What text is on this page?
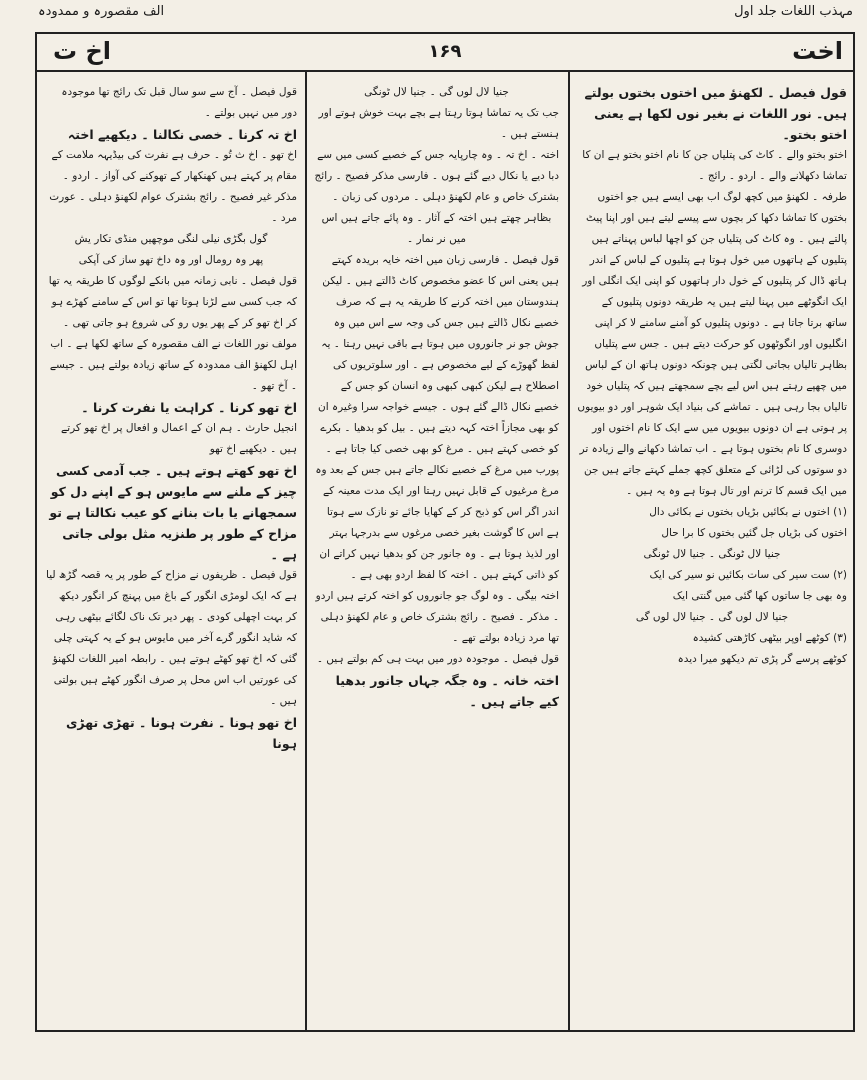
مہذب اللغات جلد اول
الف مقصورہ و ممدودہ
اخت
۱۶۹
اخ ت

قول فیصل ۔ لکھنؤ میں اختوں بختوں بولتے ہیں۔ نور اللغات نے بغیر نوں لکھا ہے یعنی اختو بختو۔

اختو بختو والے ۔ کاٹ کی پتلیاں جن کا نام اختو بختو ہے ان کا تماشا دکھلانے والے ۔ اردو ۔ رائج ۔

طرفہ ۔ لکھنؤ میں کچھ لوگ اب بھی ایسے ہیں جو اختوں بختوں کا تماشا دکھا کر بچوں سے پیسے لیتے ہیں اور اپنا پیٹ پالتے ہیں ۔ وہ کاٹ کی پتلیاں جن کو اچھا لباس پہناتے ہیں پتلیوں کے ہاتھوں میں خول ہوتا ہے پتلیوں کے لباس کے اندر ہاتھ ڈال کر پتلیوں کے خول دار ہاتھوں کو اپنی ایک انگلی اور ایک انگوٹھے میں پہنا لیتے ہیں یہ طریقہ دونوں پتلیوں کے ساتھ برتا جاتا ہے ۔ دونوں پتلیوں کو آمنے سامنے لا کر اپنی انگلیوں اور انگوٹھوں کو حرکت دیتے ہیں ۔ جس سے پتلیاں بظاہر تالیاں بجاتی لگتی ہیں چونکہ دونوں ہاتھ ان کے لباس میں چھپے رہتے ہیں اس لیے بچے سمجھتے ہیں کہ پتلیاں خود تالیاں بجا رہی ہیں ۔ تماشے کی بنیاد ایک شوہر اور دو بیویوں پر ہوتی ہے ان دونوں بیویوں میں سے ایک کا نام اختوں اور دوسری کا نام بختوں ہوتا ہے ۔ اب تماشا دکھانے والے زیادہ تر دو سوتوں کی لڑائی کے متعلق کچھ جملے کہتے جاتے ہیں جن میں ایک قسم کا ترنم اور تال ہوتا ہے وہ یہ ہیں ۔

(۱) اختوں نے بکائیں بڑیاں بختوں نے بکائی دال

اختوں کی بڑیاں جل گئیں بختوں کا برا حال

جنیا لال ٹونگی ۔ جنیا لال ٹونگی

(۲) ست سیر کی سات بکائیں نو سیر کی ایک

وہ بھی جا ساتوں کھا گئی میں گنتی ایک

جنیا لال لوں گی ۔ جنیا لال لوں گی

(۳) کوٹھے اوپر بیٹھی کاڑھتی کشیدہ

کوٹھے پرسے گر پڑی تم دیکھو میرا دیدہ

جنیا لال لوں گی ۔ جنیا لال ٹونگی

جب تک یہ تماشا ہوتا رہتا ہے بچے بہت خوش ہوتے اور ہنستے ہیں ۔

اختہ ۔ اخ تہ ۔ وہ چارپایہ جس کے خصیے کسی میں سے دبا دیے یا نکال دیے گئے ہوں ۔ فارسی مذکر فصیح ۔ رائج بشترک خاص و عام لکھنؤ دہلی ۔ مردوں کی زبان ۔

بظاہر چھتے ہیں اختہ کے آثار ۔ وہ پائے جاتے ہیں اس میں نر نمار ۔

قول فیصل ۔ فارسی زبان میں اختہ خایہ بریدہ کہتے ہیں یعنی اس کا عضو مخصوص کاٹ ڈالتے ہیں ۔ لیکن ہندوستان میں اختہ کرنے کا طریقہ یہ ہے کہ صرف خصیے نکال ڈالتے ہیں جس کی وجہ سے اس میں وہ جوش جو نر جانوروں میں ہوتا ہے باقی نہیں رہتا ۔ یہ لفظ گھوڑے کے لیے مخصوص ہے ۔ اور سلوتریوں کی اصطلاح ہے لیکن کبھی کبھی وہ انسان کو جس کے خصیے نکال ڈالے گئے ہوں ۔ جیسے خواجہ سرا وغیرہ ان کو بھی مجازاً اختہ کہہ دیتے ہیں ۔ بیل کو بدھیا ۔ بکرے کو خصی کہتے ہیں ۔ مرغ کو بھی خصی کیا جاتا ہے ۔ پورب میں مرغ کے خصیے نکالے جاتے ہیں جس کے بعد وہ مرغ مرغیوں کے قابل نہیں رہتا اور ایک مدت معینہ کے اندر اگر اس کو ذبح کر کے کھایا جائے تو نازک سے ہوتا ہے اس کا گوشت بغیر خصی مرغوں سے بدرجہا بہتر اور لذیذ ہوتا ہے ۔ وہ جانور جن کو بدھیا نہیں کراتے ان کو ذاتی کہتے ہیں ۔ اختہ کا لفظ اردو بھی ہے ۔

اختہ بیگی ۔ وہ لوگ جو جانوروں کو اختہ کرتے ہیں اردو ۔ مذکر ۔ فصیح ۔ رائج بشترک خاص و عام لکھنؤ دہلی تھا مرد زیادہ بولتے تھے ۔

قول فیصل ۔ موجودہ دور میں بہت ہی کم بولتے ہیں ۔

اختہ خانہ ۔ وہ جگہ جہاں جانور بدھیا کیے جاتے ہیں ۔

قول فیصل ۔ آج سے سو سال قبل تک رائج تھا موجودہ دور میں نہیں بولتے ۔

اخ تہ کرنا ۔ خصی نکالنا ۔ دیکھیے اختہ

اخ تھو ۔ اخ ث تُو ۔ حرف ہے نفرت کی بیڈیہہ ملامت کے مقام پر کہتے ہیں کھنکھار کے تھوکنے کی آواز ۔ اردو ۔ مذکر غیر فصیح ۔ رائج بشترک عوام لکھنؤ دہلی ۔ عورت مرد ۔

گول بگڑی نیلی لنگی موچھیں منڈی تکار یش

پھر وہ رومال اور وہ داخ تھو ساز کی آپکی

قول فیصل ۔ نابی زمانہ میں بانکے لوگوں کا طریقہ یہ تھا کہ جب کسی سے لڑنا ہوتا تھا تو اس کے سامنے کھڑے ہو کر اخ تھو کر کے پھر یوں رو کی شروع ہو جاتی تھی ۔ مولف نور اللغات نے الف مقصورہ کے ساتھ لکھا ہے ۔ اب اہل لکھنؤ الف ممدودہ کے ساتھ زیادہ بولتے ہیں ۔ جیسے ۔ آخ تھو ۔

اخ تھو کرنا ۔ کراہت یا نفرت کرنا ۔

انجیل حارث ۔ ہم ان کے اعمال و افعال پر اخ تھو کرتے ہیں ۔ دیکھیے اخ تھو

اخ تھو کھتے ہوتے ہیں ۔ جب آدمی کسی چیز کے ملنے سے مایوس ہو کے اپنے دل کو سمجھانے یا بات بنانے کو عیب نکالتا ہے تو مزاح کے طور پر طنزیہ مثل بولی جاتی ہے ۔

قول فیصل ۔ ظریفوں نے مزاح کے طور پر یہ قصہ گڑھ لیا ہے کہ ایک لومڑی انگور کے باغ میں پہنچ کر انگور دیکھ کر بہت اچھلی کودی ۔ پھر دیر تک ناک لگائے بیٹھی رہی کہ شاید انگور گرے آخر میں مایوس ہو کے یہ کہتی چلی گئی کہ اخ تھو کھٹے ہوتے ہیں ۔ رابطہ امیر اللغات لکھنؤ کی عورتیں اب اس محل پر صرف انگور کھٹے ہیں بولتی ہیں ۔

اخ تھو ہونا ۔ نفرت ہونا ۔ تھڑی تھڑی ہونا
